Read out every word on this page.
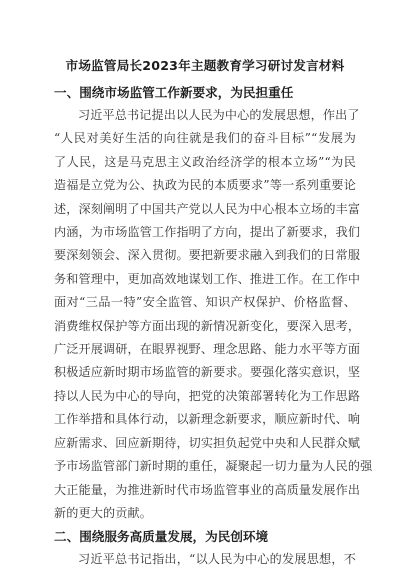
市场监管局长2023年主题教育学习研讨发言材料
一、围绕市场监管工作新要求，为民担重任

习近平总书记提出以人民为中心的发展思想，作出了
“人民对美好生活的向往就是我们的奋斗目标”“发展为
了人民，这是马克思主义政治经济学的根本立场”“为民
造福是立党为公、执政为民的本质要求”等一系列重要论
述，深刻阐明了中国共产党以人民为中心根本立场的丰富
内涵，为市场监管工作指明了方向，提出了新要求，我们
要深刻领会、深入贯彻。要把新要求融入到我们的日常服
务和管理中，更加高效地谋划工作、推进工作。在工作中
面对“三品一特”安全监管、知识产权保护、价格监督、
消费维权保护等方面出现的新情况新变化，要深入思考，
广泛开展调研，在眼界视野、理念思路、能力水平等方面
积极适应新时期市场监管的新要求。要强化落实意识，坚
持以人民为中心的导向，把党的决策部署转化为工作思路
工作举措和具体行动，以新理念新要求，顺应新时代、响
应新需求、回应新期待，切实担负起党中央和人民群众赋
予市场监管部门新时期的重任，凝聚起一切力量为人民的强
大正能量，为推进新时代市场监管事业的高质量发展作出
新的更大的贡献。

二、围绕服务高质量发展，为民创环境

习近平总书记指出，“以人民为中心的发展思想，不
